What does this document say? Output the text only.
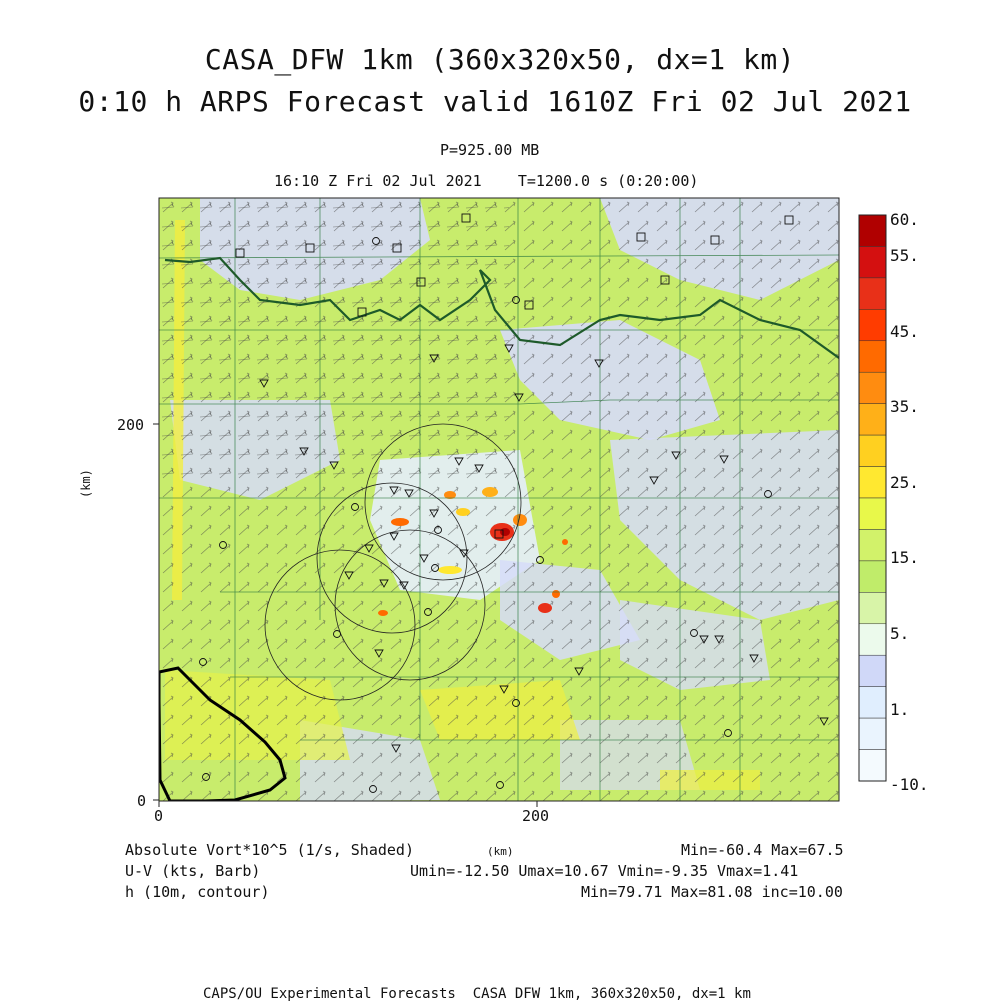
CASA_DFW 1km (360x320x50, dx=1 km)
0:10 h ARPS Forecast valid 1610Z Fri 02 Jul 2021
P=925.00 MB
16:10 Z Fri 02 Jul 2021    T=1200.0 s (0:20:00)
200
0
0	200
(km)
(km)
60.
55.
45.
35.
25.
15.
5.
1.
-10.
Absolute Vort*10^5 (1/s, Shaded)	Min=-60.4 Max=67.5
U-V (kts, Barb)	Umin=-12.50 Umax=10.67 Vmin=-9.35 Vmax=1.41
h (10m, contour)	Min=79.71 Max=81.08 inc=10.00
CAPS/OU Experimental Forecasts  CASA DFW 1km, 360x320x50, dx=1 km
